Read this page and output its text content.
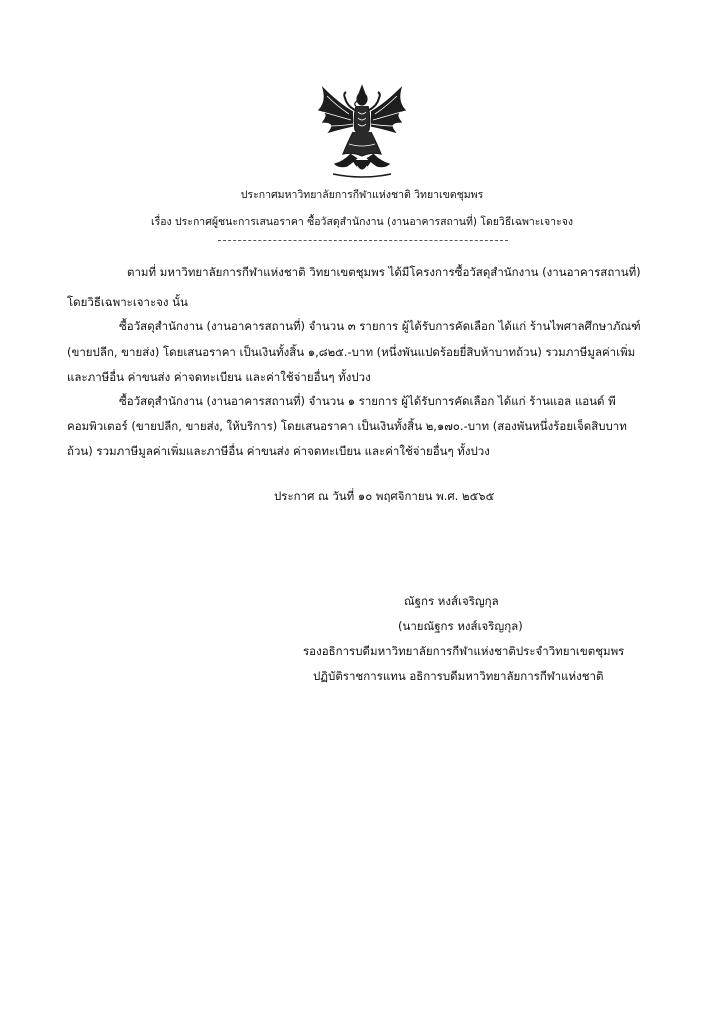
ประกาศมหาวิทยาลัยการกีฬาแห่งชาติ วิทยาเขตชุมพร
เรื่อง ประกาศผู้ชนะการเสนอราคา ซื้อวัสดุสำนักงาน (งานอาคารสถานที่) โดยวิธีเฉพาะเจาะจง
ตามที่ มหาวิทยาลัยการกีฬาแห่งชาติ วิทยาเขตชุมพร ได้มีโครงการซื้อวัสดุสำนักงาน (งานอาคารสถานที่)
โดยวิธีเฉพาะเจาะจง นั้น
ซื้อวัสดุสำนักงาน (งานอาคารสถานที่) จำนวน ๓ รายการ ผู้ได้รับการคัดเลือก ได้แก่ ร้านไพศาลศึกษาภัณฑ์
(ขายปลีก, ขายส่ง) โดยเสนอราคา เป็นเงินทั้งสิ้น ๑,๘๒๕.-บาท (หนึ่งพันแปดร้อยยี่สิบห้าบาทถ้วน) รวมภาษีมูลค่าเพิ่ม
และภาษีอื่น ค่าขนส่ง ค่าจดทะเบียน และค่าใช้จ่ายอื่นๆ ทั้งปวง
ซื้อวัสดุสำนักงาน (งานอาคารสถานที่) จำนวน ๑ รายการ ผู้ได้รับการคัดเลือก ได้แก่ ร้านแอล แอนด์ พี
คอมพิวเตอร์ (ขายปลีก, ขายส่ง, ให้บริการ) โดยเสนอราคา เป็นเงินทั้งสิ้น ๒,๑๗๐.-บาท (สองพันหนึ่งร้อยเจ็ดสิบบาท
ถ้วน) รวมภาษีมูลค่าเพิ่มและภาษีอื่น ค่าขนส่ง ค่าจดทะเบียน และค่าใช้จ่ายอื่นๆ ทั้งปวง
ประกาศ ณ วันที่ ๑๐ พฤศจิกายน พ.ศ. ๒๕๖๕
ณัฐกร หงส์เจริญกุล
(นายณัฐกร หงส์เจริญกุล)
รองอธิการบดีมหาวิทยาลัยการกีฬาแห่งชาติประจำวิทยาเขตชุมพร
ปฏิบัติราชการแทน อธิการบดีมหาวิทยาลัยการกีฬาแห่งชาติ
